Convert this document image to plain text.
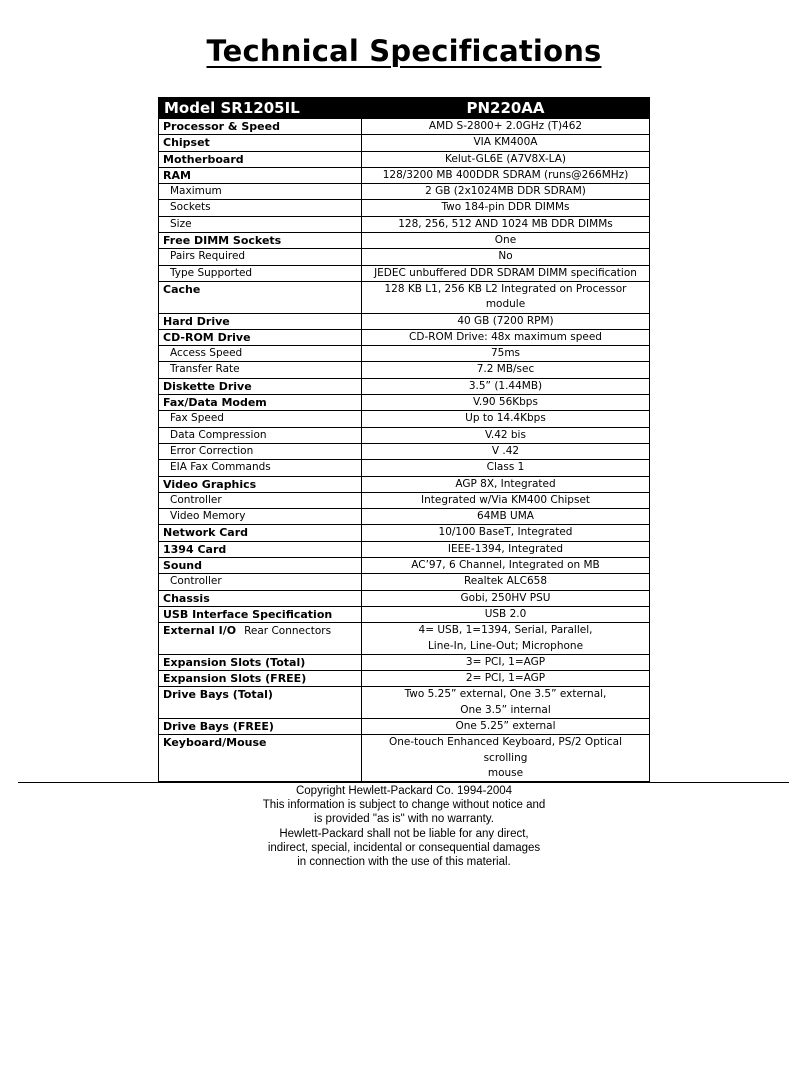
Technical Specifications
Model SR1205IL	PN220AA
Processor & Speed	AMD S-2800+ 2.0GHz (T)462

Chipset	VIA KM400A

Motherboard	Kelut-GL6E (A7V8X-LA)

RAM	128/3200 MB 400DDR SDRAM (runs@266MHz)

Maximum	2 GB (2x1024MB DDR SDRAM)

Sockets	Two 184-pin DDR DIMMs

Size	128, 256, 512 AND 1024 MB DDR DIMMs

Free DIMM Sockets	One

Pairs Required	No

Type Supported	JEDEC unbuffered DDR SDRAM DIMM specification

Cache	128 KB L1, 256 KB L2 Integrated on Processor module

Hard Drive	40 GB (7200 RPM)

CD-ROM Drive	CD-ROM Drive: 48x maximum speed

Access Speed	75ms

Transfer Rate	7.2 MB/sec

Diskette Drive	3.5” (1.44MB)

Fax/Data Modem	V.90 56Kbps

Fax Speed	Up to 14.4Kbps

Data Compression	V.42 bis

Error Correction	V .42

EIA Fax Commands	Class 1

Video Graphics	AGP 8X, Integrated

Controller	Integrated w/Via KM400 Chipset

Video Memory	64MB UMA

Network Card	10/100 BaseT, Integrated

1394 Card	IEEE-1394, Integrated

Sound	AC’97, 6 Channel, Integrated on MB

Controller	Realtek ALC658

Chassis	Gobi, 250HV PSU

USB Interface Specification	USB 2.0

External I/O Rear Connectors	4= USB, 1=1394, Serial, Parallel,
Line-In, Line-Out; Microphone

Expansion Slots (Total)	3= PCI, 1=AGP

Expansion Slots (FREE)	2= PCI, 1=AGP

Drive Bays (Total)	Two 5.25” external, One 3.5” external,
One 3.5” internal

Drive Bays (FREE)	One 5.25” external

Keyboard/Mouse	One-touch Enhanced Keyboard, PS/2 Optical scrolling
mouse
Copyright Hewlett-Packard Co. 1994-2004
This information is subject to change without notice and
is provided "as is" with no warranty.
Hewlett-Packard shall not be liable for any direct,
indirect, special, incidental or consequential damages
in connection with the use of this material.
